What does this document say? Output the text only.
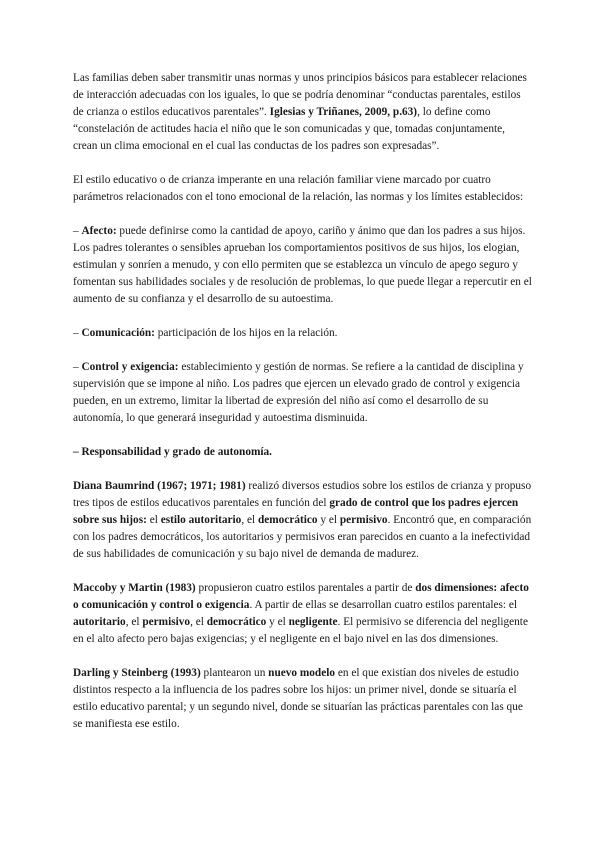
Las familias deben saber transmitir unas normas y unos principios básicos para establecer relaciones de interacción adecuadas con los iguales, lo que se podría denominar “conductas parentales, estilos de crianza o estilos educativos parentales”. Iglesias y Triñanes, 2009, p.63), lo define como “constelación de actitudes hacia el niño que le son comunicadas y que, tomadas conjuntamente, crean un clima emocional en el cual las conductas de los padres son expresadas”.

El estilo educativo o de crianza imperante en una relación familiar viene marcado por cuatro parámetros relacionados con el tono emocional de la relación, las normas y los límites establecidos:

– Afecto: puede definirse como la cantidad de apoyo, cariño y ánimo que dan los padres a sus hijos. Los padres tolerantes o sensibles aprueban los comportamientos positivos de sus hijos, los elogian, estimulan y sonríen a menudo, y con ello permiten que se establezca un vínculo de apego seguro y fomentan sus habilidades sociales y de resolución de problemas, lo que puede llegar a repercutir en el aumento de su confianza y el desarrollo de su autoestima.

– Comunicación: participación de los hijos en la relación.

– Control y exigencia: establecimiento y gestión de normas. Se refiere a la cantidad de disciplina y supervisión que se impone al niño. Los padres que ejercen un elevado grado de control y exigencia pueden, en un extremo, limitar la libertad de expresión del niño así como el desarrollo de su autonomía, lo que generará inseguridad y autoestima disminuida.

– Responsabilidad y grado de autonomía.

Diana Baumrind (1967; 1971; 1981) realizó diversos estudios sobre los estilos de crianza y propuso tres tipos de estilos educativos parentales en función del grado de control que los padres ejercen sobre sus hijos: el estilo autoritario, el democrático y el permisivo. Encontró que, en comparación con los padres democráticos, los autoritarios y permisivos eran parecidos en cuanto a la inefectividad de sus habilidades de comunicación y su bajo nivel de demanda de madurez.

Maccoby y Martin (1983) propusieron cuatro estilos parentales a partir de dos dimensiones: afecto o comunicación y control o exigencia. A partir de ellas se desarrollan cuatro estilos parentales: el autoritario, el permisivo, el democrático y el negligente. El permisivo se diferencia del negligente en el alto afecto pero bajas exigencias; y el negligente en el bajo nivel en las dos dimensiones.

Darling y Steinberg (1993) plantearon un nuevo modelo en el que existían dos niveles de estudio distintos respecto a la influencia de los padres sobre los hijos: un primer nivel, donde se situaría el estilo educativo parental; y un segundo nivel, donde se situarían las prácticas parentales con las que se manifiesta ese estilo.
